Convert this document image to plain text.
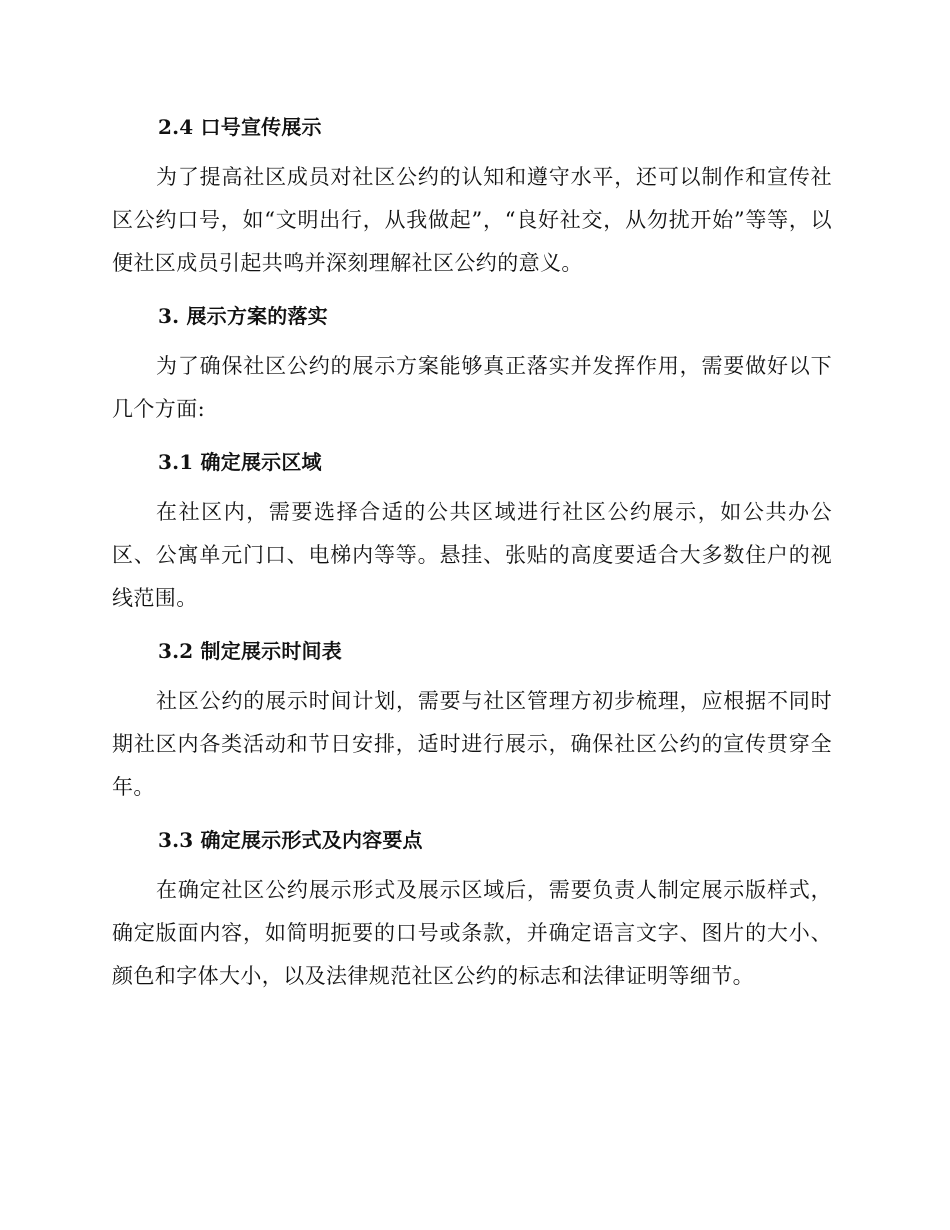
2.4 口号宣传展示

为了提高社区成员对社区公约的认知和遵守水平，还可以制作和宣传社区公约口号，如“文明出行，从我做起”，“良好社交，从勿扰开始”等等，以便社区成员引起共鸣并深刻理解社区公约的意义。

3. 展示方案的落实

为了确保社区公约的展示方案能够真正落实并发挥作用，需要做好以下几个方面:

3.1 确定展示区域

在社区内，需要选择合适的公共区域进行社区公约展示，如公共办公区、公寓单元门口、电梯内等等。悬挂、张贴的高度要适合大多数住户的视线范围。

3.2 制定展示时间表

社区公约的展示时间计划，需要与社区管理方初步梳理，应根据不同时期社区内各类活动和节日安排，适时进行展示，确保社区公约的宣传贯穿全年。

3.3 确定展示形式及内容要点

在确定社区公约展示形式及展示区域后，需要负责人制定展示版样式，确定版面内容，如简明扼要的口号或条款，并确定语言文字、图片的大小、颜色和字体大小，以及法律规范社区公约的标志和法律证明等细节。
